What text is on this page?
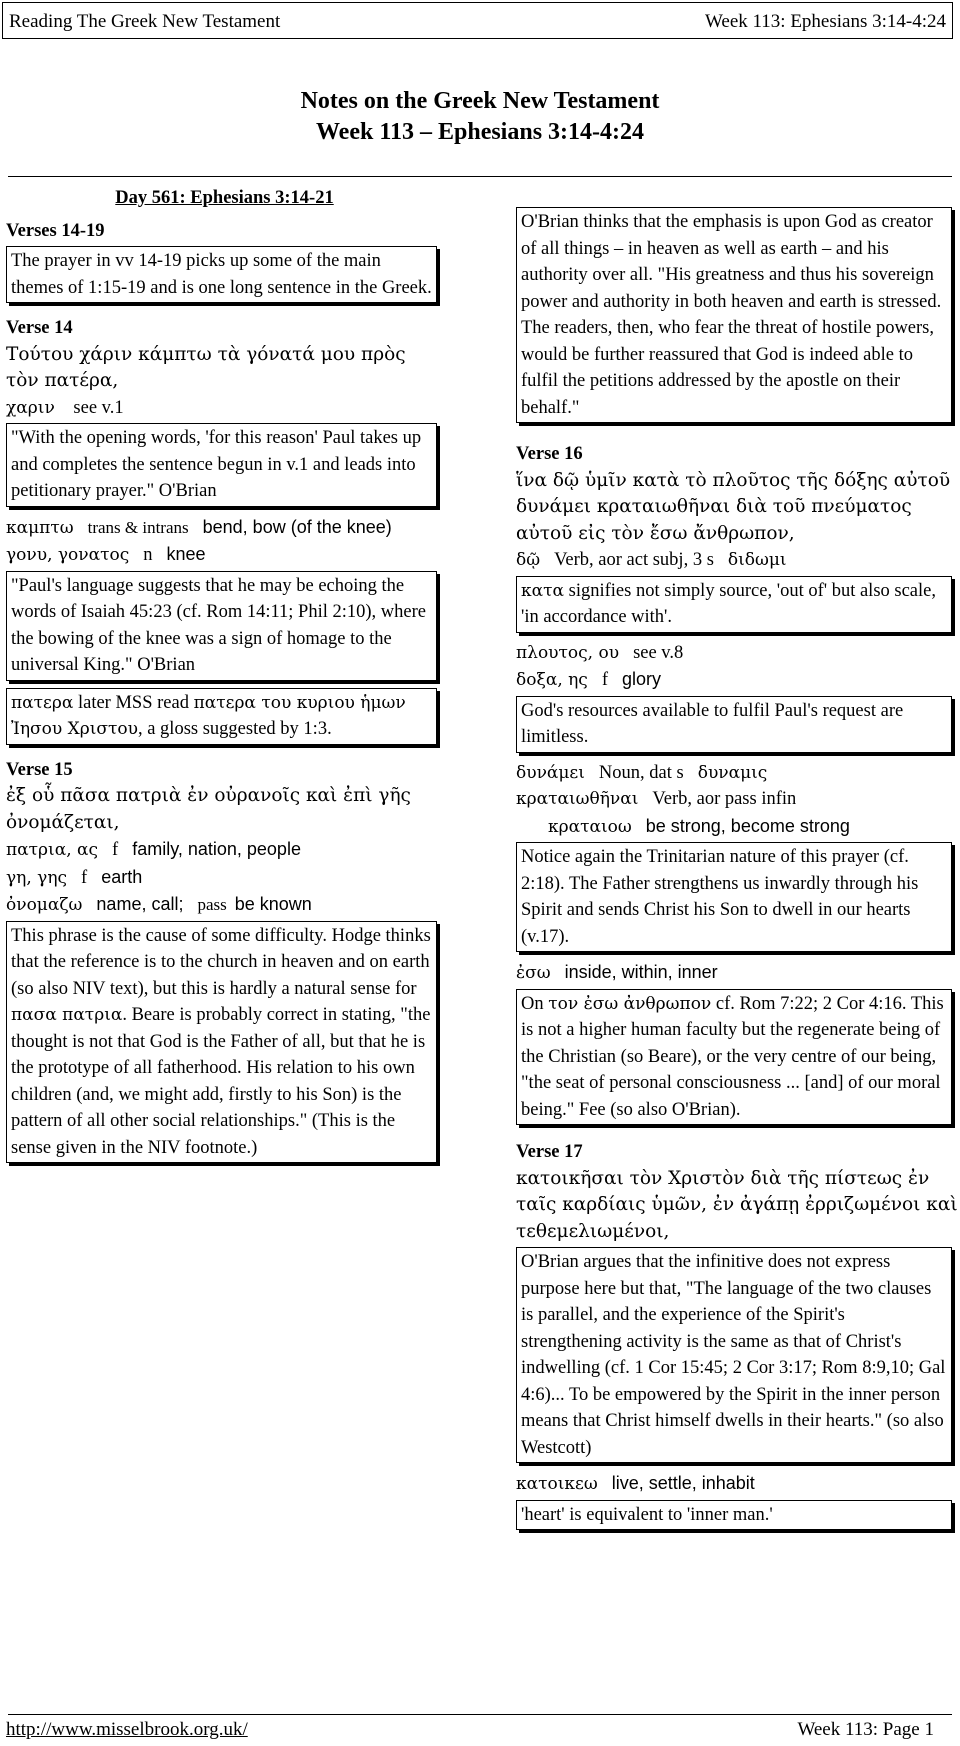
Reading The Greek New Testament	Week 113: Ephesians 3:14-4:24
Notes on the Greek New Testament
Week 113 – Ephesians 3:14-4:24
Day 561: Ephesians 3:14-21
Verses 14-19
The prayer in vv 14-19 picks up some of the main themes of 1:15-19 and is one long sentence in the Greek.
Verse 14
Τούτου χάριν κάμπτω τὰ γόνατά μου πρὸς τὸν πατέρα,
χαριν see v.1
"With the opening words, 'for this reason' Paul takes up and completes the sentence begun in v.1 and leads into petitionary prayer." O'Brian
καμπτω trans & intrans bend, bow (of the knee)
γονυ, γονατος n knee
"Paul's language suggests that he may be echoing the words of Isaiah 45:23 (cf. Rom 14:11; Phil 2:10), where the bowing of the knee was a sign of homage to the universal King." O'Brian
πατερα later MSS read πατερα του κυριου ἡμων Ἰησου Χριστου, a gloss suggested by 1:3.
Verse 15
ἐξ οὗ πᾶσα πατριὰ ἐν οὐρανοῖς καὶ ἐπὶ γῆς ὀνομάζεται,
πατρια, ας f family, nation, people
γη, γης f earth
ὀνομαζω name, call; pass be known
This phrase is the cause of some difficulty. Hodge thinks that the reference is to the church in heaven and on earth (so also NIV text), but this is hardly a natural sense for πασα πατρια. Beare is probably correct in stating, "the thought is not that God is the Father of all, but that he is the prototype of all fatherhood. His relation to his own children (and, we might add, firstly to his Son) is the pattern of all other social relationships." (This is the sense given in the NIV footnote.)
O'Brian thinks that the emphasis is upon God as creator of all things – in heaven as well as earth – and his authority over all. "His greatness and thus his sovereign power and authority in both heaven and earth is stressed. The readers, then, who fear the threat of hostile powers, would be further reassured that God is indeed able to fulfil the petitions addressed by the apostle on their behalf."
Verse 16
ἵνα δῷ ὑμῖν κατὰ τὸ πλοῦτος τῆς δόξης αὐτοῦ δυνάμει κραταιωθῆναι διὰ τοῦ πνεύματος αὐτοῦ εἰς τὸν ἔσω ἄνθρωπον,
δῷ Verb, aor act subj, 3 s διδωμι
κατα signifies not simply source, 'out of' but also scale, 'in accordance with'.
πλουτος, ου see v.8
δοξα, ης f glory
God's resources available to fulfil Paul's request are limitless.
δυνάμει Noun, dat s δυναμις
κραταιωθῆναι Verb, aor pass infin
κραταιοω be strong, become strong
Notice again the Trinitarian nature of this prayer (cf. 2:18). The Father strengthens us inwardly through his Spirit and sends Christ his Son to dwell in our hearts (v.17).
ἐσω inside, within, inner
On τον ἐσω ἀνθρωπον cf. Rom 7:22; 2 Cor 4:16. This is not a higher human faculty but the regenerate being of the Christian (so Beare), or the very centre of our being, "the seat of personal consciousness ... [and] of our moral being." Fee (so also O'Brian).
Verse 17
κατοικῆσαι τὸν Χριστὸν διὰ τῆς πίστεως ἐν ταῖς καρδίαις ὑμῶν, ἐν ἀγάπῃ ἐρριζωμένοι καὶ τεθεμελιωμένοι,
O'Brian argues that the infinitive does not express purpose here but that, "The language of the two clauses is parallel, and the experience of the Spirit's strengthening activity is the same as that of Christ's indwelling (cf. 1 Cor 15:45; 2 Cor 3:17; Rom 8:9,10; Gal 4:6)... To be empowered by the Spirit in the inner person means that Christ himself dwells in their hearts." (so also Westcott)
κατοικεω live, settle, inhabit
'heart' is equivalent to 'inner man.'
http://www.misselbrook.org.uk/	Week 113: Page 1
